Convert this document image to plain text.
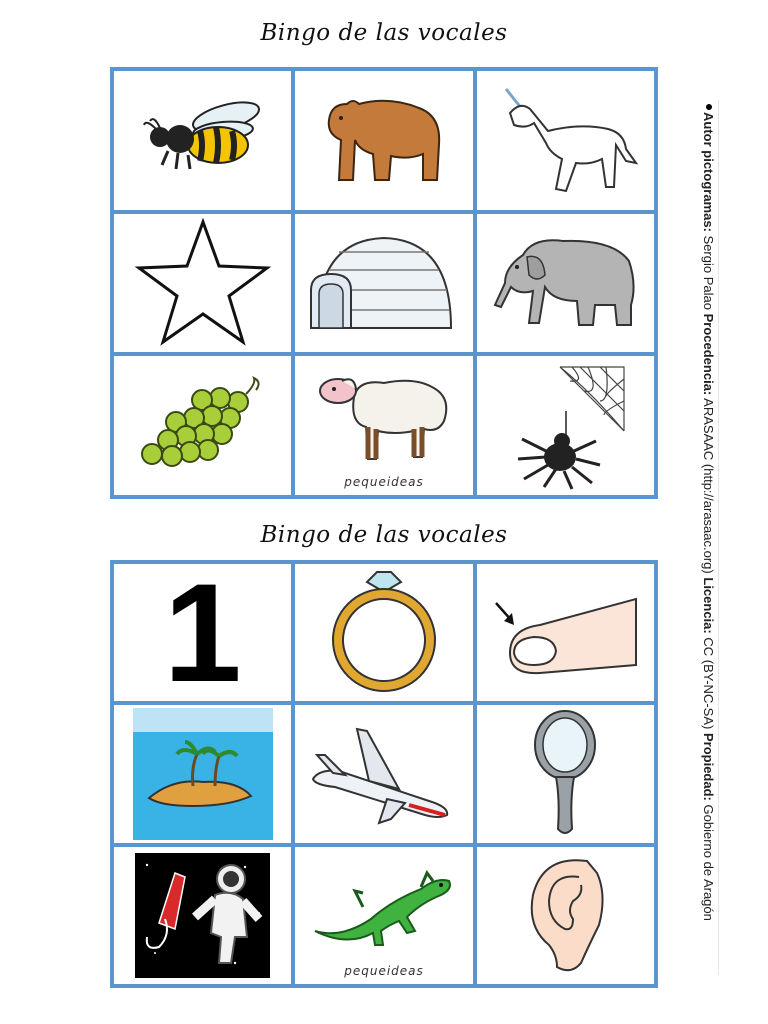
Bingo de las vocales
pequeideas
Bingo de las vocales
1
pequeideas
Autor pictogramas: Sergio Palao Procedencia: ARASAAC (http://arasaac.org) Licencia: CC (BY-NC-SA) Propiedad: Gobierno de Aragón
